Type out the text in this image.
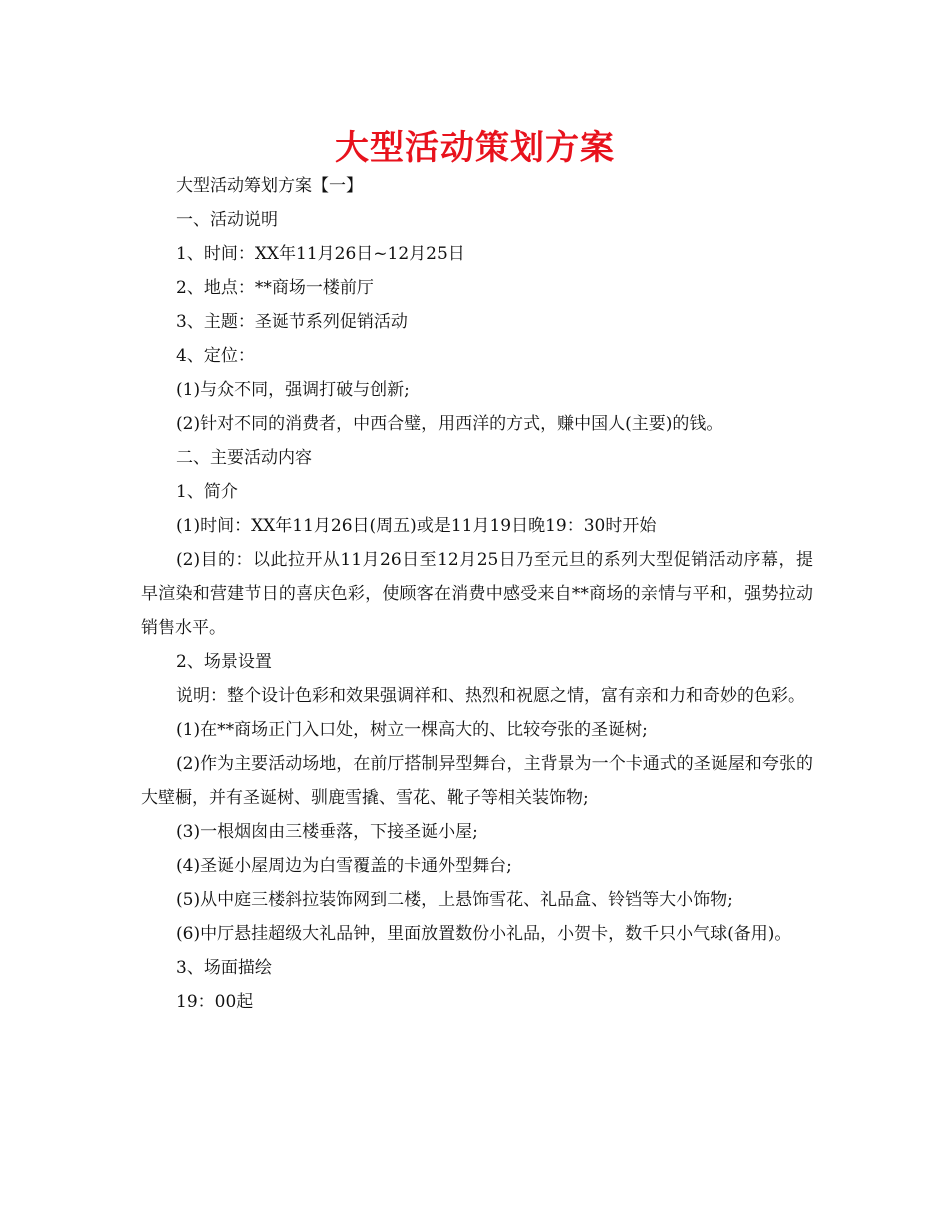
大型活动策划方案

大型活动筹划方案【一】

一、活动说明

1、时间：XX年11月26日~12月25日

2、地点：**商场一楼前厅

3、主题：圣诞节系列促销活动

4、定位：

(1)与众不同，强调打破与创新;

(2)针对不同的消费者，中西合璧，用西洋的方式，赚中国人(主要)的钱。

二、主要活动内容

1、简介

(1)时间：XX年11月26日(周五)或是11月19日晚19：30时开始

(2)目的：以此拉开从11月26日至12月25日乃至元旦的系列大型促销活动序幕，提早渲染和营建节日的喜庆色彩，使顾客在消费中感受来自**商场的亲情与平和，强势拉动销售水平。

2、场景设置

说明：整个设计色彩和效果强调祥和、热烈和祝愿之情，富有亲和力和奇妙的色彩。

(1)在**商场正门入口处，树立一棵高大的、比较夸张的圣诞树;

(2)作为主要活动场地，在前厅搭制异型舞台，主背景为一个卡通式的圣诞屋和夸张的大壁橱，并有圣诞树、驯鹿雪撬、雪花、靴子等相关装饰物;

(3)一根烟囱由三楼垂落，下接圣诞小屋;

(4)圣诞小屋周边为白雪覆盖的卡通外型舞台;

(5)从中庭三楼斜拉装饰网到二楼，上悬饰雪花、礼品盒、铃铛等大小饰物;

(6)中厅悬挂超级大礼品钟，里面放置数份小礼品，小贺卡，数千只小气球(备用)。

3、场面描绘

19：00起
